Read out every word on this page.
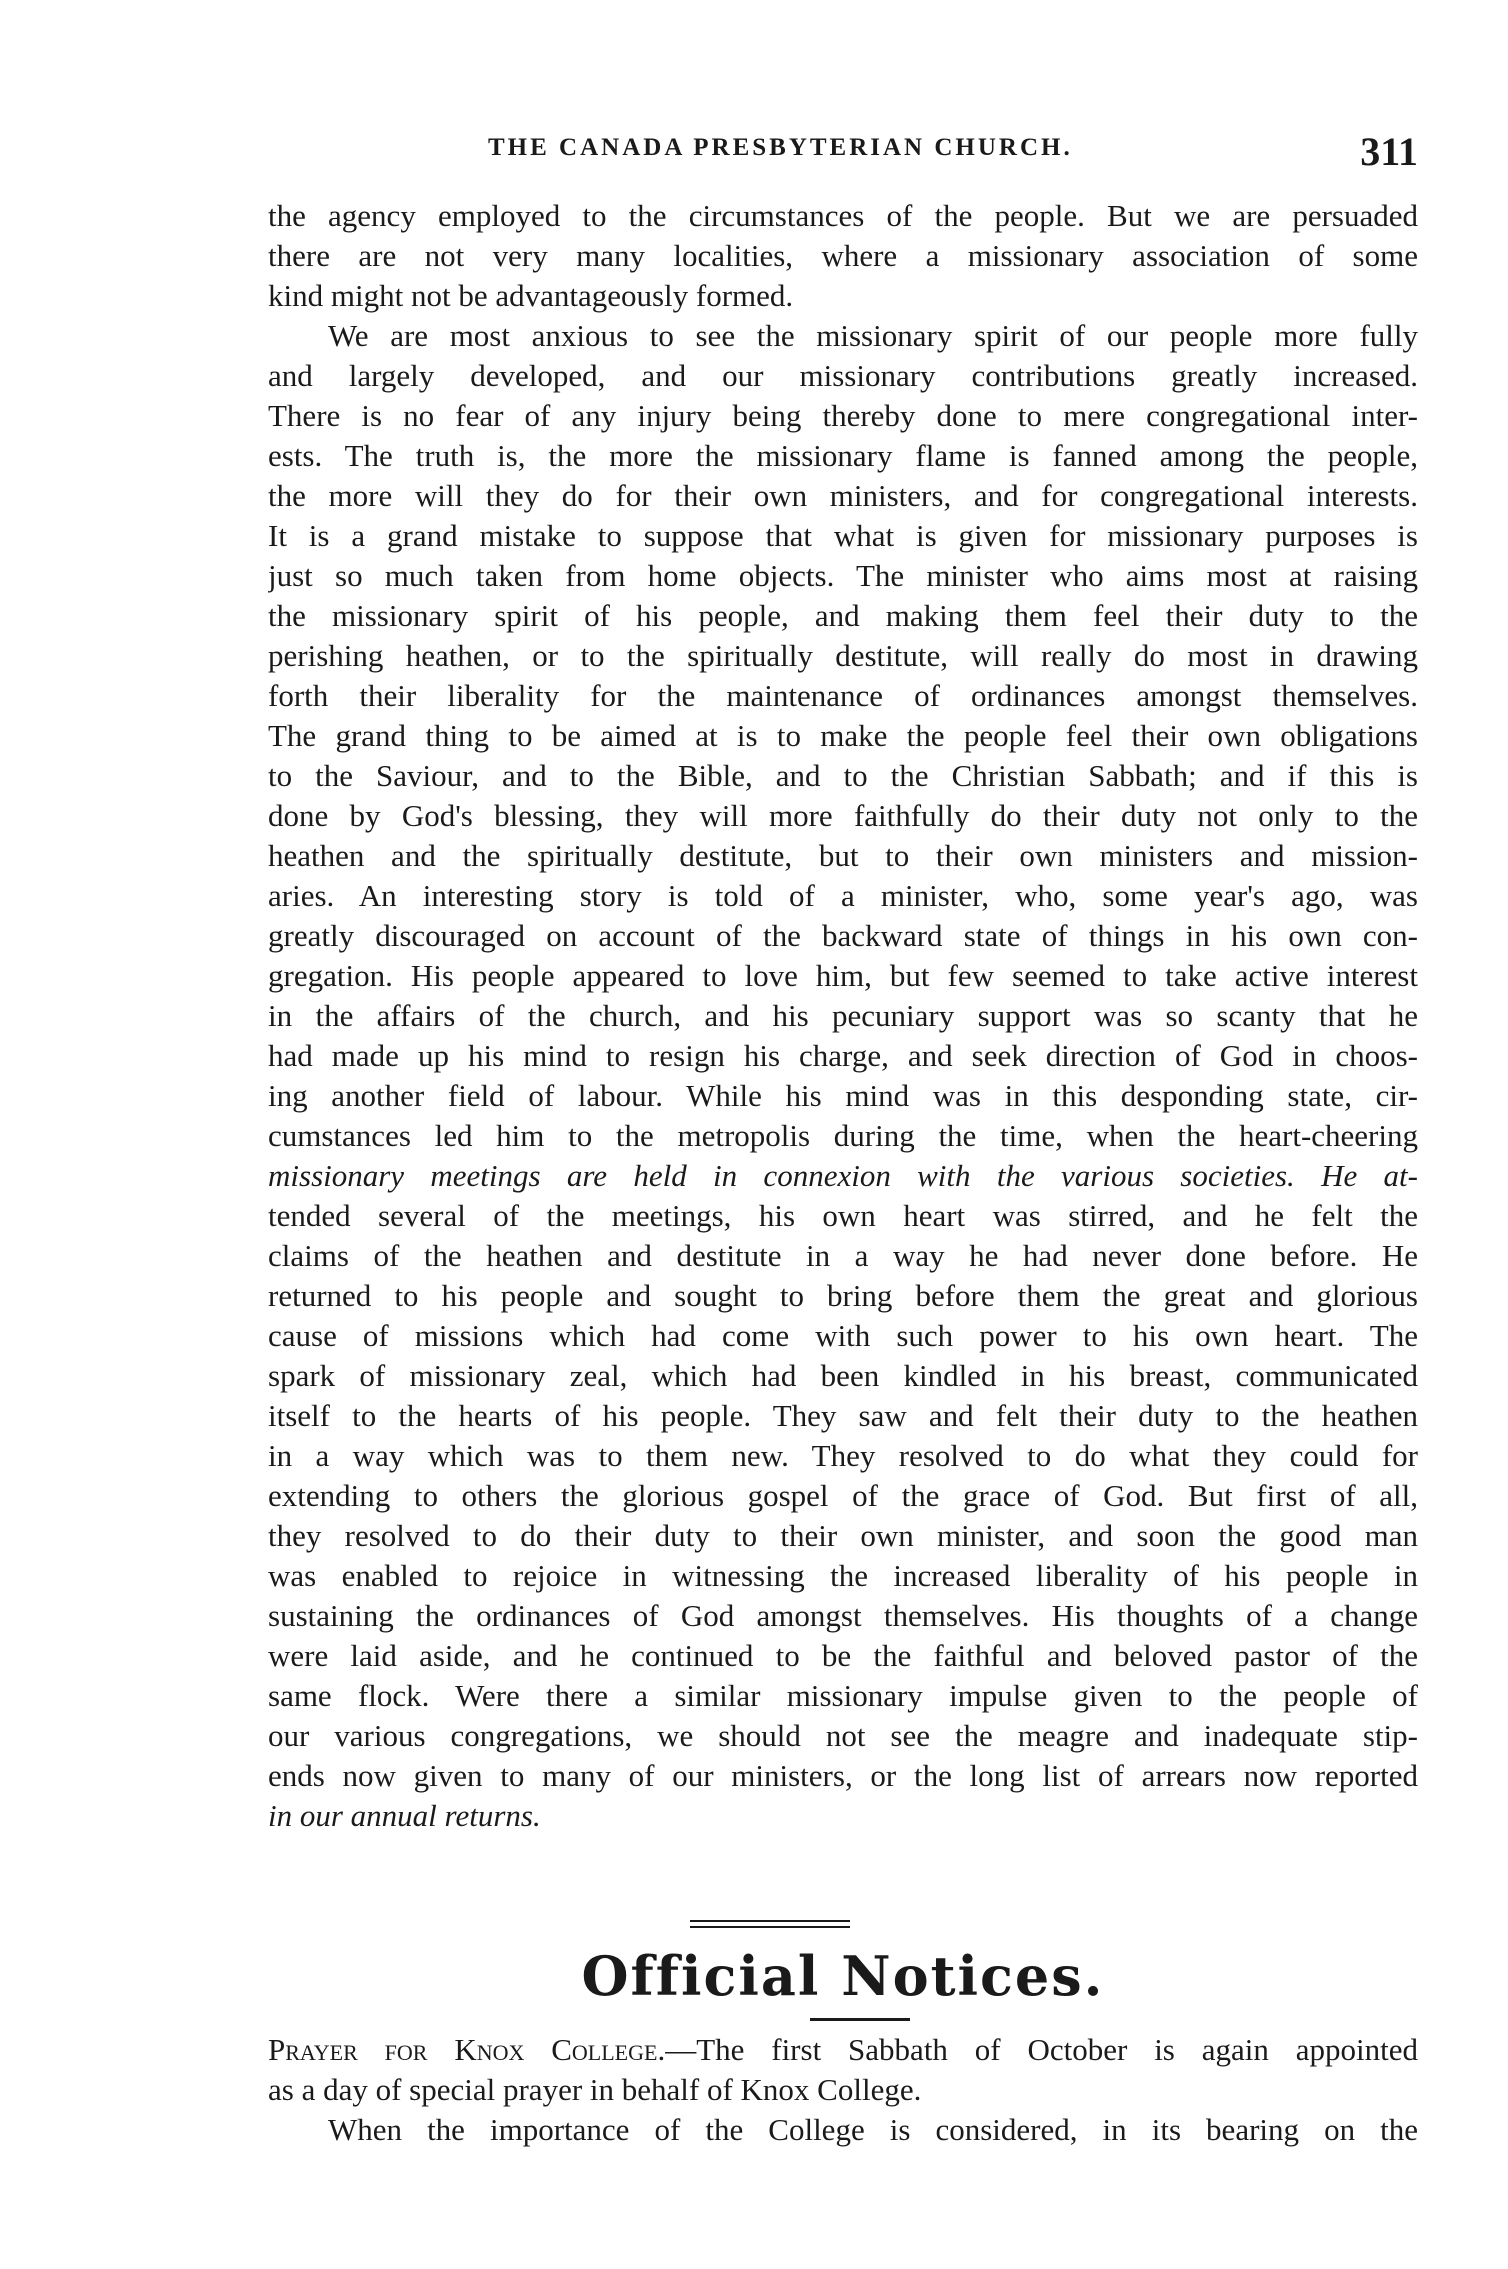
THE CANADA PRESBYTERIAN CHURCH.	311
the agency employed to the circumstances of the people. But we are persuaded
there are not very many localities, where a missionary association of some
kind might not be advantageously formed.
We are most anxious to see the missionary spirit of our people more fully
and largely developed, and our missionary contributions greatly increased.
There is no fear of any injury being thereby done to mere congregational inter-
ests. The truth is, the more the missionary flame is fanned among the people,
the more will they do for their own ministers, and for congregational interests.
It is a grand mistake to suppose that what is given for missionary purposes is
just so much taken from home objects. The minister who aims most at raising
the missionary spirit of his people, and making them feel their duty to the
perishing heathen, or to the spiritually destitute, will really do most in drawing
forth their liberality for the maintenance of ordinances amongst themselves.
The grand thing to be aimed at is to make the people feel their own obligations
to the Saviour, and to the Bible, and to the Christian Sabbath; and if this is
done by God's blessing, they will more faithfully do their duty not only to the
heathen and the spiritually destitute, but to their own ministers and mission-
aries. An interesting story is told of a minister, who, some year's ago, was
greatly discouraged on account of the backward state of things in his own con-
gregation. His people appeared to love him, but few seemed to take active interest
in the affairs of the church, and his pecuniary support was so scanty that he
had made up his mind to resign his charge, and seek direction of God in choos-
ing another field of labour. While his mind was in this desponding state, cir-
cumstances led him to the metropolis during the time, when the heart-cheering
missionary meetings are held in connexion with the various societies. He at-
tended several of the meetings, his own heart was stirred, and he felt the
claims of the heathen and destitute in a way he had never done before. He
returned to his people and sought to bring before them the great and glorious
cause of missions which had come with such power to his own heart. The
spark of missionary zeal, which had been kindled in his breast, communicated
itself to the hearts of his people. They saw and felt their duty to the heathen
in a way which was to them new. They resolved to do what they could for
extending to others the glorious gospel of the grace of God. But first of all,
they resolved to do their duty to their own minister, and soon the good man
was enabled to rejoice in witnessing the increased liberality of his people in
sustaining the ordinances of God amongst themselves. His thoughts of a change
were laid aside, and he continued to be the faithful and beloved pastor of the
same flock. Were there a similar missionary impulse given to the people of
our various congregations, we should not see the meagre and inadequate stip-
ends now given to many of our ministers, or the long list of arrears now reported
in our annual returns.
Official Notices.
Prayer for Knox College.—The first Sabbath of October is again appointed
as a day of special prayer in behalf of Knox College.
When the importance of the College is considered, in its bearing on the
